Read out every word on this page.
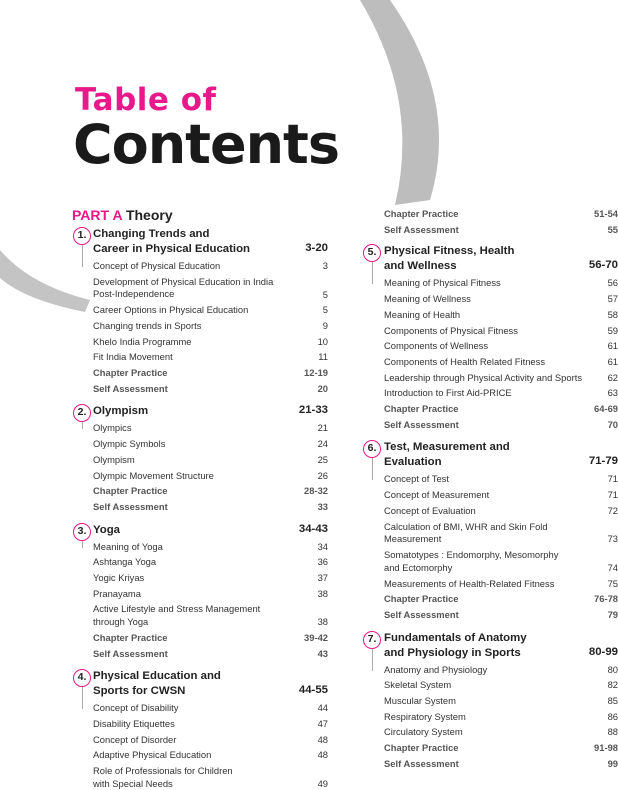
Table of
Contents
PART A Theory
1. Changing Trends and
Career in Physical Education	3-20
Concept of Physical Education	3
Development of Physical Education in India
Post-Independence	5
Career Options in Physical Education	5
Changing trends in Sports	9
Khelo India Programme	10
Fit India Movement	11
Chapter Practice	12-19
Self Assessment	20
2. Olympism	21-33
Olympics	21
Olympic Symbols	24
Olympism	25
Olympic Movement Structure	26
Chapter Practice	28-32
Self Assessment	33
3. Yoga	34-43
Meaning of Yoga	34
Ashtanga Yoga	36
Yogic Kriyas	37
Pranayama	38
Active Lifestyle and Stress Management
through Yoga	38
Chapter Practice	39-42
Self Assessment	43
4. Physical Education and
Sports for CWSN	44-55
Concept of Disability	44
Disability Etiquettes	47
Concept of Disorder	48
Adaptive Physical Education	48
Role of Professionals for Children
with Special Needs	49
Chapter Practice	51-54
Self Assessment	55
5. Physical Fitness, Health
and Wellness	56-70
Meaning of Physical Fitness	56
Meaning of Wellness	57
Meaning of Health	58
Components of Physical Fitness	59
Components of Wellness	61
Components of Health Related Fitness	61
Leadership through Physical Activity and Sports	62
Introduction to First Aid-PRICE	63
Chapter Practice	64-69
Self Assessment	70
6. Test, Measurement and
Evaluation	71-79
Concept of Test	71
Concept of Measurement	71
Concept of Evaluation	72
Calculation of BMI, WHR and Skin Fold
Measurement	73
Somatotypes : Endomorphy, Mesomorphy
and Ectomorphy	74
Measurements of Health-Related Fitness	75
Chapter Practice	76-78
Self Assessment	79
7. Fundamentals of Anatomy
and Physiology in Sports	80-99
Anatomy and Physiology	80
Skeletal System	82
Muscular System	85
Respiratory System	86
Circulatory System	88
Chapter Practice	91-98
Self Assessment	99
